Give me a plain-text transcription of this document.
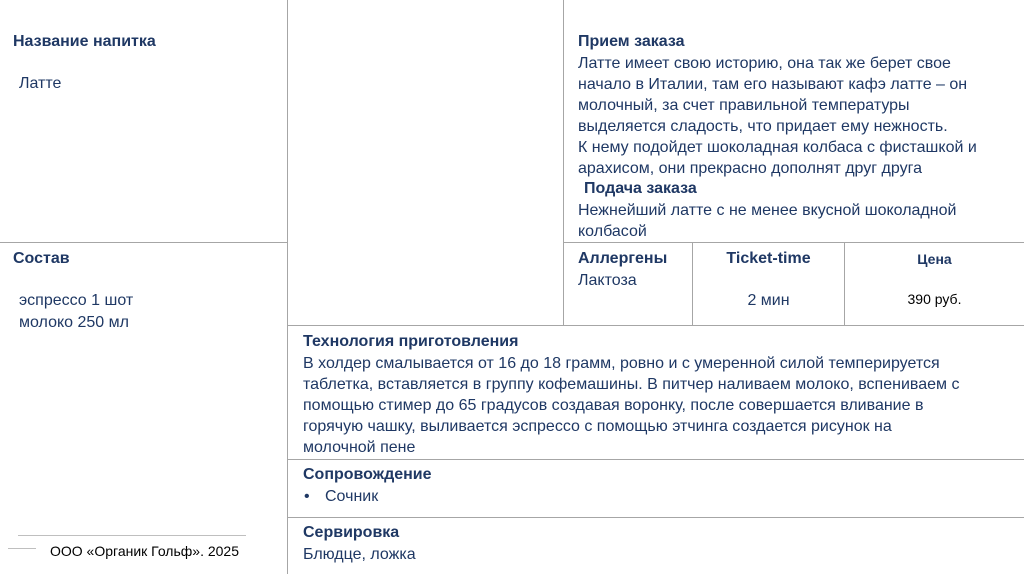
Название напитка
Латте
Состав
эспрессо 1 шот
молоко 250 мл
Прием заказа
Латте имеет свою историю, она так же берет свое
начало в Италии, там его называют кафэ латте – он
молочный, за счет правильной температуры
выделяется сладость, что придает ему нежность.
К нему подойдет шоколадная колбаса с фисташкой и
арахисом, они прекрасно дополнят друг друга
Подача заказа
Нежнейший латте с не менее вкусной шоколадной
колбасой
Аллергены
Лактоза
Ticket-time
2 мин
Цена
390 руб.
Технология приготовления
В холдер смалывается от 16 до 18 грамм, ровно и с умеренной силой темперируется
таблетка, вставляется в группу кофемашины. В питчер наливаем молоко, вспениваем с
помощью стимер до 65 градусов создавая воронку, после совершается вливание в
горячую чашку, выливается эспрессо с помощью этчинга создается рисунок на
молочной пене
Сопровождение
• Сочник
Сервировка
Блюдце, ложка
ООО «Органик Гольф». 2025
